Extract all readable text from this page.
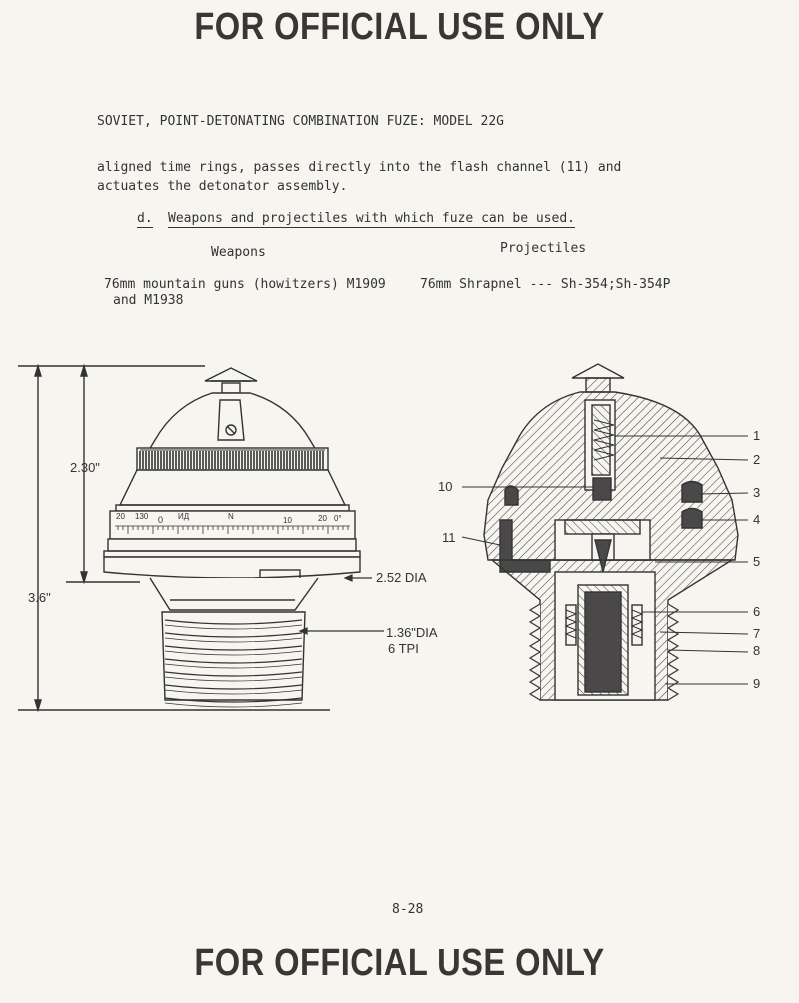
FOR OFFICIAL USE ONLY
FOR OFFICIAL USE ONLY
SOVIET, POINT-DETONATING COMBINATION FUZE: MODEL 22G
aligned time rings, passes directly into the flash channel (11) and
actuates the detonator assembly.
d. Weapons and projectiles with which fuze can be used.
Weapons	Projectiles
76mm mountain guns (howitzers) M1909
and M1938
76mm Shrapnel --- Sh-354;Sh-354P
8-28
2.30"
3.6"
2.52 DIA
1.36"DIA
6 TPI
20 130 0 ИД	N	10	20 0°
1
2
3
4
5
6
7
8
9
10
11
